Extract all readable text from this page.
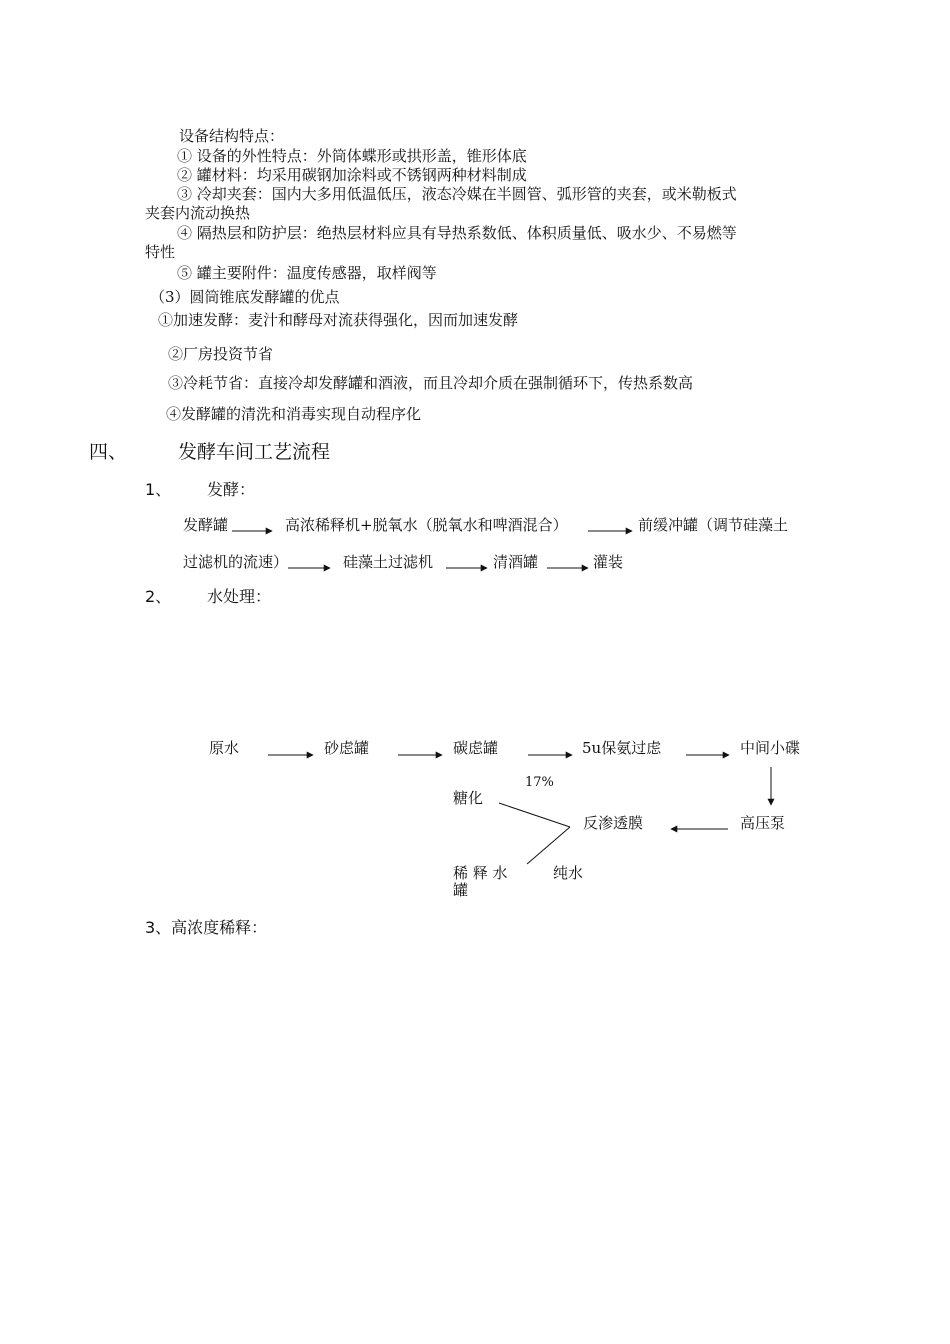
设备结构特点：
① 设备的外性特点：外筒体蝶形或拱形盖，锥形体底
② 罐材料：均采用碳钢加涂料或不锈钢两种材料制成
③ 冷却夹套：国内大多用低温低压，液态冷媒在半圆管、弧形管的夹套，或米勒板式
夹套内流动换热
④ 隔热层和防护层：绝热层材料应具有导热系数低、体积质量低、吸水少、不易燃等
特性
⑤ 罐主要附件：温度传感器，取样阀等
（3）圆筒锥底发酵罐的优点
①加速发酵：麦汁和酵母对流获得强化，因而加速发酵
②厂房投资节省
③冷耗节省：直接冷却发酵罐和酒液，而且冷却介质在强制循环下，传热系数高
④发酵罐的清洗和消毒实现自动程序化
四、	发酵车间工艺流程
1、 发酵：
发酵罐	高浓稀释机+脱氧水（脱氧水和啤酒混合）	前缓冲罐（调节硅藻土
过滤机的流速）	硅藻土过滤机	清酒罐	灌装
2、 水处理：
原水	砂虑罐	碳虑罐	5u保氨过虑	中间小碟
17%
糖化
反渗透膜	高压泵
稀 释 水
罐
纯水
3、高浓度稀释：
